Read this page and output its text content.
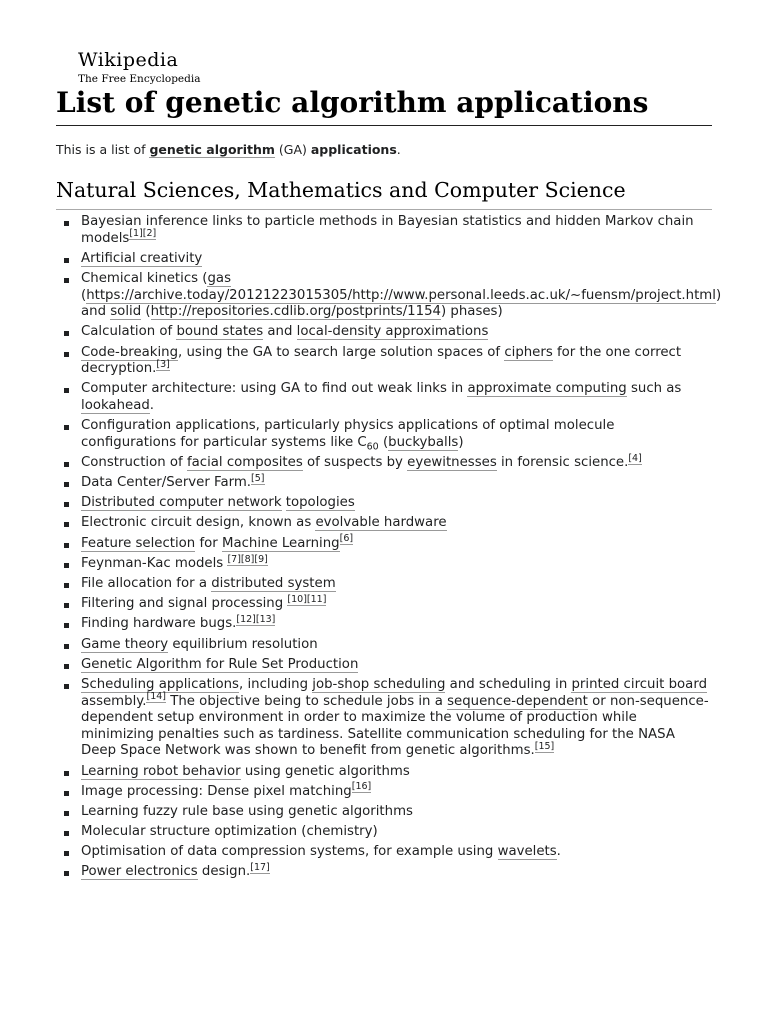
Wikipedia
The Free Encyclopedia
List of genetic algorithm applications

This is a list of genetic algorithm (GA) applications.

Natural Sciences, Mathematics and Computer Science
Bayesian inference links to particle methods in Bayesian statistics and hidden Markov chain models[1][2]
Artificial creativity
Chemical kinetics (gas (https://archive.today/20121223015305/http://www.personal.leeds.ac.uk/~fuensm/project.html) and solid (http://repositories.cdlib.org/postprints/1154) phases)
Calculation of bound states and local-density approximations
Code-breaking, using the GA to search large solution spaces of ciphers for the one correct decryption.[3]
Computer architecture: using GA to find out weak links in approximate computing such as lookahead.
Configuration applications, particularly physics applications of optimal molecule configurations for particular systems like $C_{60}$ (buckyballs)
Construction of facial composites of suspects by eyewitnesses in forensic science.[4]
Data Center/Server Farm.[5]
Distributed computer network topologies
Electronic circuit design, known as evolvable hardware
Feature selection for Machine Learning[6]
Feynman-Kac models [7][8][9]
File allocation for a distributed system
Filtering and signal processing [10][11]
Finding hardware bugs.[12][13]
Game theory equilibrium resolution
Genetic Algorithm for Rule Set Production
Scheduling applications, including job-shop scheduling and scheduling in printed circuit board assembly.[14] The objective being to schedule jobs in a sequence-dependent or non-sequence-dependent setup environment in order to maximize the volume of production while minimizing penalties such as tardiness. Satellite communication scheduling for the NASA Deep Space Network was shown to benefit from genetic algorithms.[15]
Learning robot behavior using genetic algorithms
Image processing: Dense pixel matching[16]
Learning fuzzy rule base using genetic algorithms
Molecular structure optimization (chemistry)
Optimisation of data compression systems, for example using wavelets.
Power electronics design.[17]
